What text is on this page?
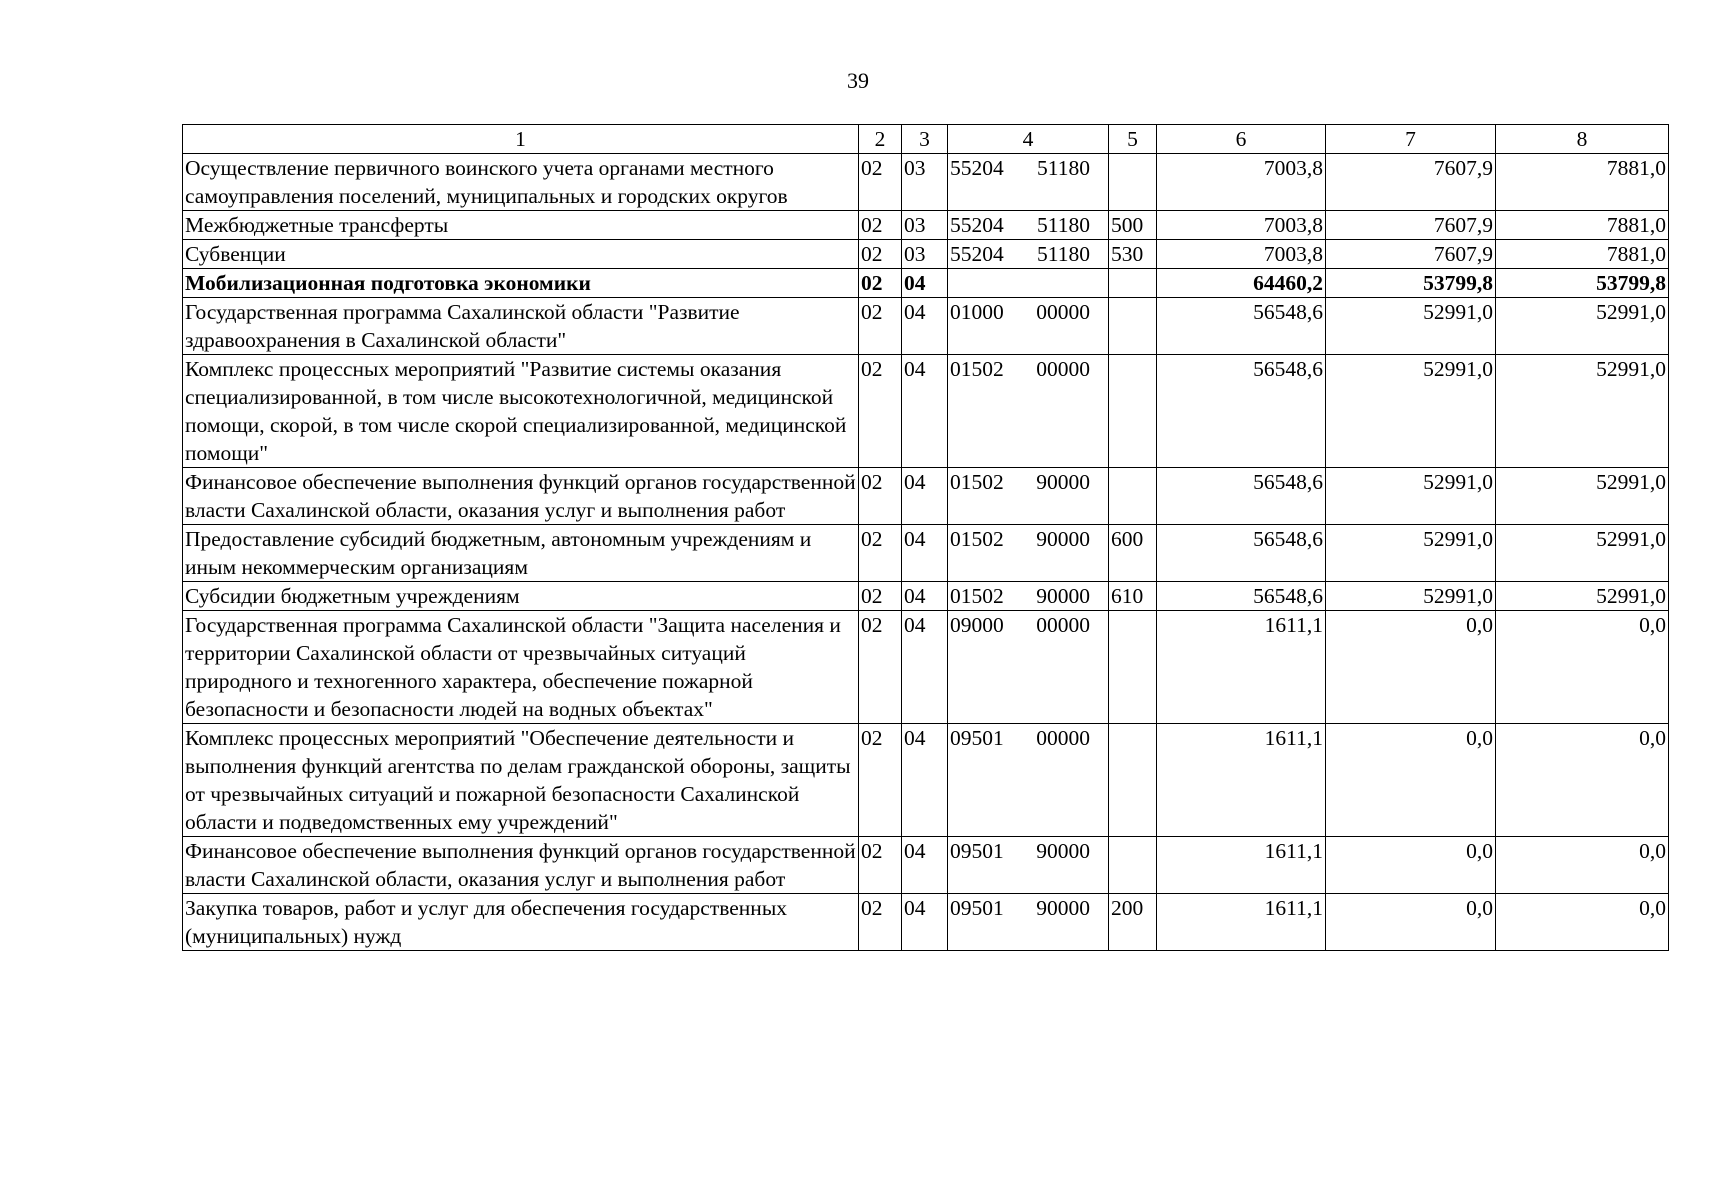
39
1	2	3	4	5	6	7	8
Осуществление первичного воинского учета органами местного самоуправления поселений, муниципальных и городских округов	02	03	55204 51180		7003,8	7607,9	7881,0
Межбюджетные трансферты	02	03	55204 51180	500	7003,8	7607,9	7881,0
Субвенции	02	03	55204 51180	530	7003,8	7607,9	7881,0
Мобилизационная подготовка экономики	02	04			64460,2	53799,8	53799,8
Государственная программа Сахалинской области "Развитие здравоохранения в Сахалинской области"	02	04	01000 00000		56548,6	52991,0	52991,0
Комплекс процессных мероприятий "Развитие системы оказания специализированной, в том числе высокотехнологичной, медицинской помощи, скорой, в том числе скорой специализированной, медицинской помощи"	02	04	01502 00000		56548,6	52991,0	52991,0
Финансовое обеспечение выполнения функций органов государственной власти Сахалинской области, оказания услуг и выполнения работ	02	04	01502 90000		56548,6	52991,0	52991,0
Предоставление субсидий бюджетным, автономным учреждениям и иным некоммерческим организациям	02	04	01502 90000	600	56548,6	52991,0	52991,0
Субсидии бюджетным учреждениям	02	04	01502 90000	610	56548,6	52991,0	52991,0
Государственная программа Сахалинской области "Защита населения и территории Сахалинской области от чрезвычайных ситуаций природного и техногенного характера, обеспечение пожарной безопасности и безопасности людей на водных объектах"	02	04	09000 00000		1611,1	0,0	0,0
Комплекс процессных мероприятий "Обеспечение деятельности и выполнения функций агентства по делам гражданской обороны, защиты от чрезвычайных ситуаций и пожарной безопасности Сахалинской области и подведомственных ему учреждений"	02	04	09501 00000		1611,1	0,0	0,0
Финансовое обеспечение выполнения функций органов государственной власти Сахалинской области, оказания услуг и выполнения работ	02	04	09501 90000		1611,1	0,0	0,0
Закупка товаров, работ и услуг для обеспечения государственных (муниципальных) нужд	02	04	09501 90000	200	1611,1	0,0	0,0
